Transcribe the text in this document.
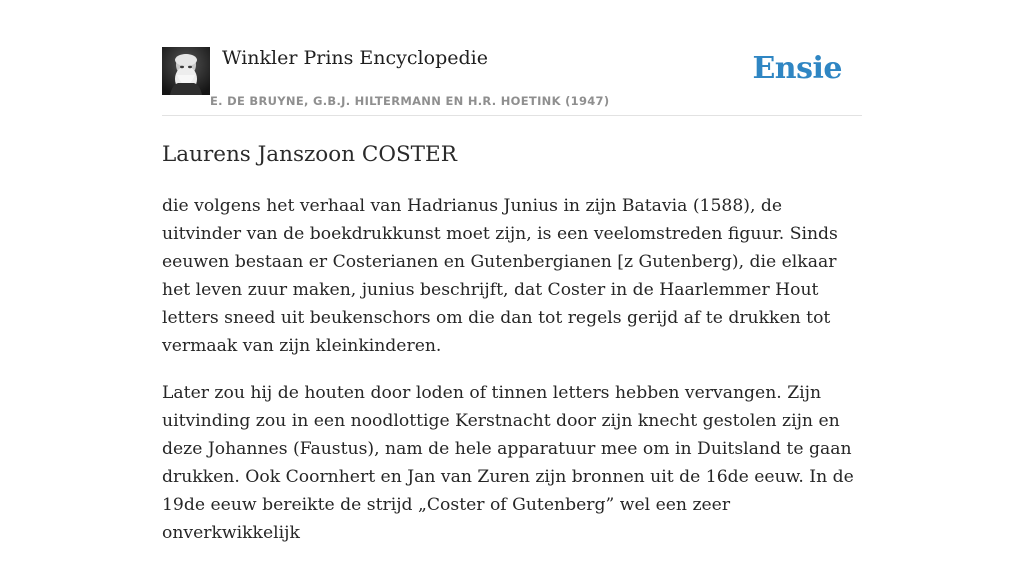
Winkler Prins Encyclopedie
E. DE BRUYNE, G.B.J. HILTERMANN EN H.R. HOETINK (1947)
Ensie
Laurens Janszoon COSTER

die volgens het verhaal van Hadrianus Junius in zijn Batavia (1588), de uitvinder van de boekdrukkunst moet zijn, is een veelomstreden figuur. Sinds eeuwen bestaan er Costerianen en Gutenbergianen [z Gutenberg), die elkaar het leven zuur maken, junius beschrijft, dat Coster in de Haarlemmer Hout letters sneed uit beukenschors om die dan tot regels gerijd af te drukken tot vermaak van zijn kleinkinderen.

Later zou hij de houten door loden of tinnen letters hebben vervangen. Zijn uitvinding zou in een noodlottige Kerstnacht door zijn knecht gestolen zijn en deze Johannes (Faustus), nam de hele apparatuur mee om in Duitsland te gaan drukken. Ook Coornhert en Jan van Zuren zijn bronnen uit de 16de eeuw. In de 19de eeuw bereikte de strijd „Coster of Gutenberg” wel een zeer onverkwikkelijk
